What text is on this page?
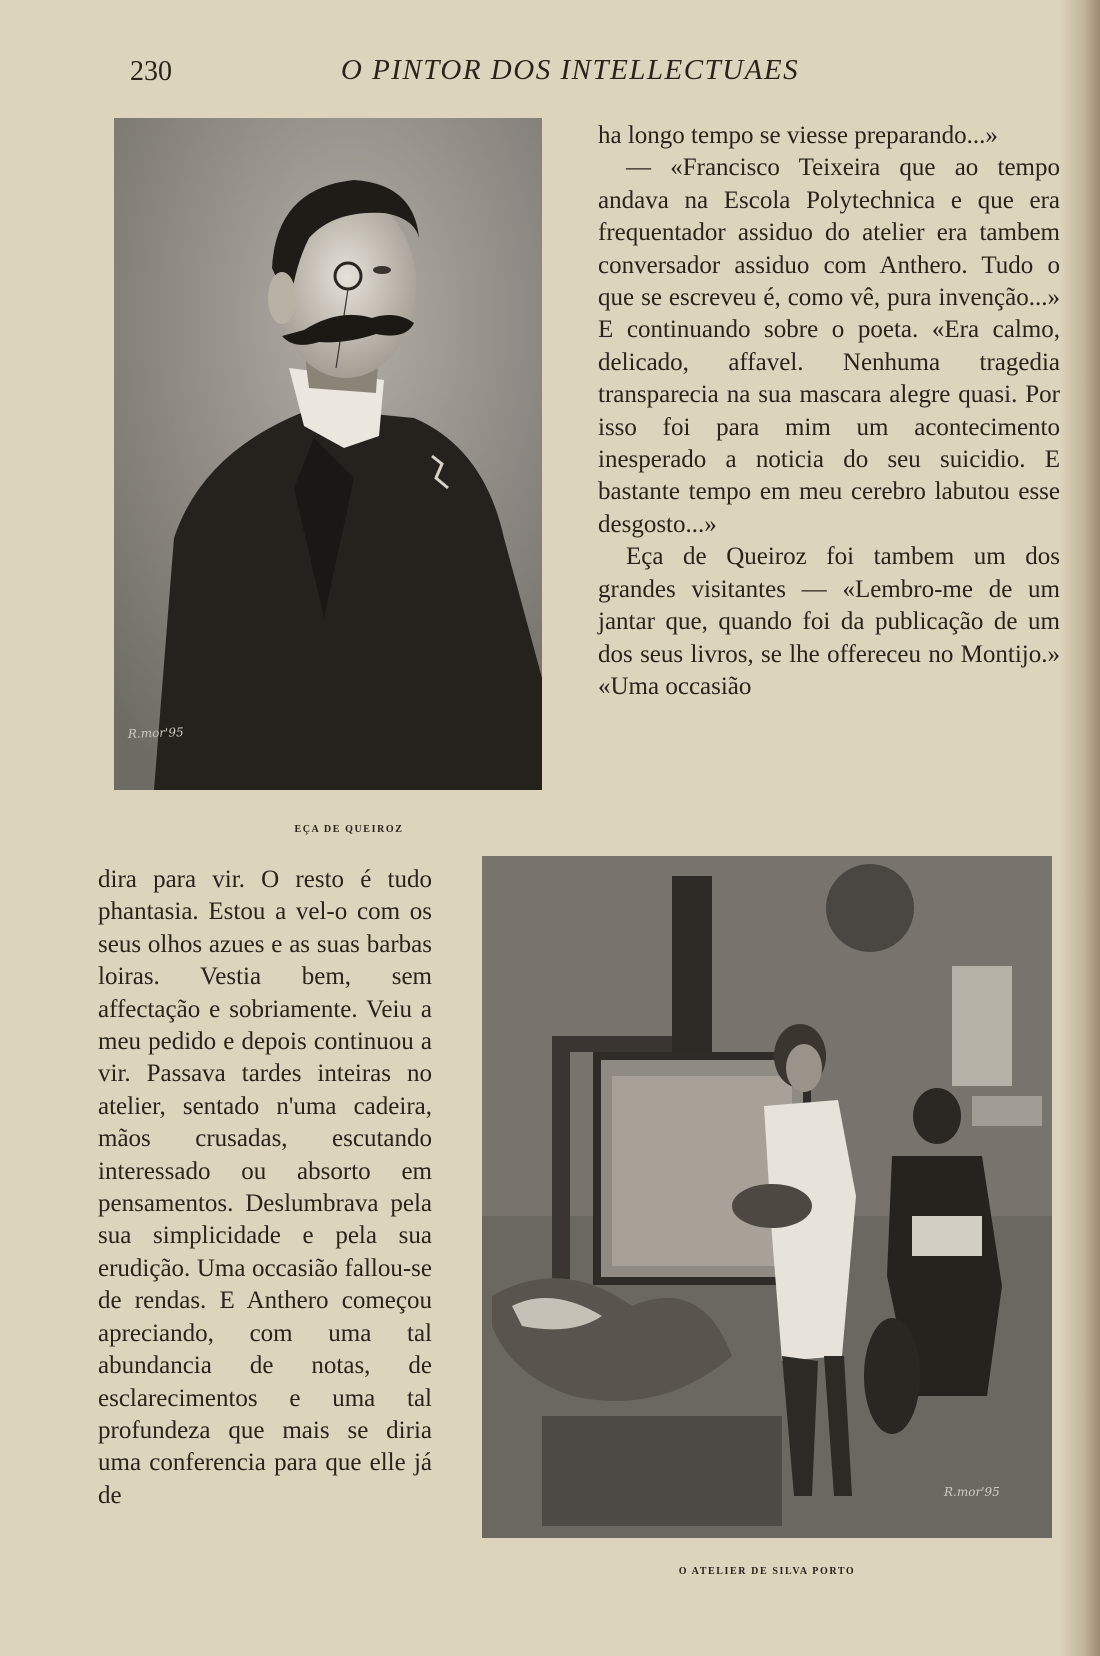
230	O PINTOR DOS INTELLECTUAES
R.mor'95
EÇA DE QUEIROZ

ha longo tempo se viesse preparando...»

— «Francisco Teixeira que ao tempo andava na Escola Polytechnica e que era frequentador assiduo do atelier era tambem conversador assiduo com Anthero. Tudo o que se escreveu é, como vê, pura invenção...» E continuando sobre o poeta. «Era calmo, delicado, affavel. Nenhuma tragedia transparecia na sua mascara alegre quasi. Por isso foi para mim um acontecimento inesperado a noticia do seu suicidio. E bastante tempo em meu cerebro labutou esse desgosto...»

Eça de Queiroz foi tambem um dos grandes visitantes — «Lembro-me de um jantar que, quando foi da publicação de um dos seus livros, se lhe offereceu no Montijo.» «Uma occasião

R.mor'95
O ATELIER DE SILVA PORTO

dira para vir. O resto é tudo phantasia. Estou a vel-o com os seus olhos azues e as suas barbas loiras. Vestia bem, sem affectação e sobriamente. Veiu a meu pedido e depois continuou a vir. Passava tardes inteiras no atelier, sentado n'uma cadeira, mãos crusadas, escutando interessado ou absorto em pensamentos. Deslumbrava pela sua simplicidade e pela sua erudição. Uma occasião fallou-se de rendas. E Anthero começou apreciando, com uma tal abundancia de notas, de esclarecimentos e uma tal profundeza que mais se diria uma conferencia para que elle já de
